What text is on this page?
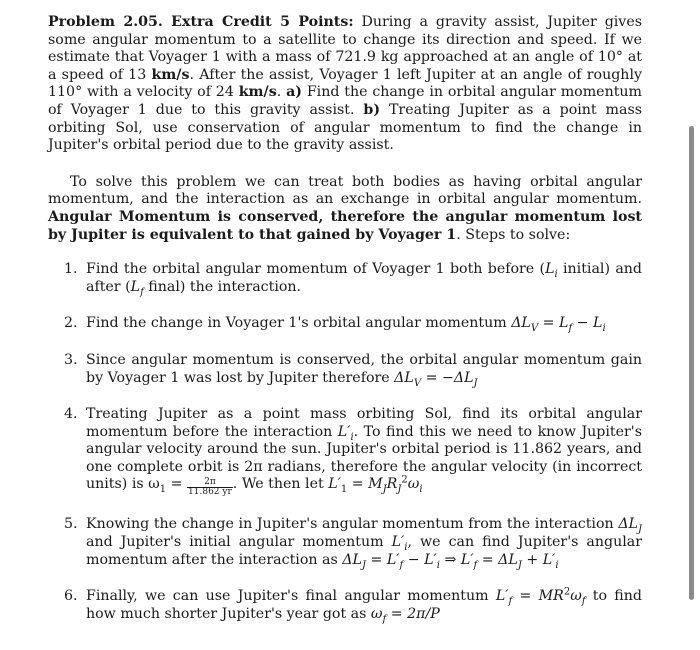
Problem 2.05. Extra Credit 5 Points: During a gravity assist, Jupiter gives some angular momentum to a satellite to change its direction and speed. If we estimate that Voyager 1 with a mass of 721.9 kg approached at an angle of 10° at a speed of 13 km/s. After the assist, Voyager 1 left Jupiter at an angle of roughly 110° with a velocity of 24 km/s. a) Find the change in orbital angular momentum of Voyager 1 due to this gravity assist. b) Treating Jupiter as a point mass orbiting Sol, use conservation of angular momentum to find the change in Jupiter's orbital period due to the gravity assist.

To solve this problem we can treat both bodies as having orbital angular momentum, and the interaction as an exchange in orbital angular momentum. Angular Momentum is conserved, therefore the angular momentum lost by Jupiter is equivalent to that gained by Voyager 1. Steps to solve:

1. Find the orbital angular momentum of Voyager 1 both before ($L_i$ initial) and after ($L_f$ final) the interaction.
2. Find the change in Voyager 1's orbital angular momentum $\Delta L_V = L_f - L_i$
3. Since angular momentum is conserved, the orbital angular momentum gain by Voyager 1 was lost by Jupiter therefore $\Delta L_V = -\Delta L_J$
4. Treating Jupiter as a point mass orbiting Sol, find its orbital angular momentum before the interaction $L'_i$. To find this we need to know Jupiter's angular velocity around the sun. Jupiter's orbital period is 11.862 years, and one complete orbit is 2π radians, therefore the angular velocity (in incorrect units) is $\omega_1 = \frac{2\pi}{11.862 yr}$ . We then let $L'_1 = M_JR_J^2\omega_i$
5. Knowing the change in Jupiter's angular momentum from the interaction $\Delta L_J$ and Jupiter's initial angular momentum $L'_i$, we can find Jupiter's angular momentum after the interaction as $\Delta L_J = L'_f - L'_i$ ⇒ $L'_f = \Delta L_J + L'_i$
6. Finally, we can use Jupiter's final angular momentum $L'_f = MR^2\omega_f$ to find how much shorter Jupiter's year got as $\omega_f = 2\pi/P$
